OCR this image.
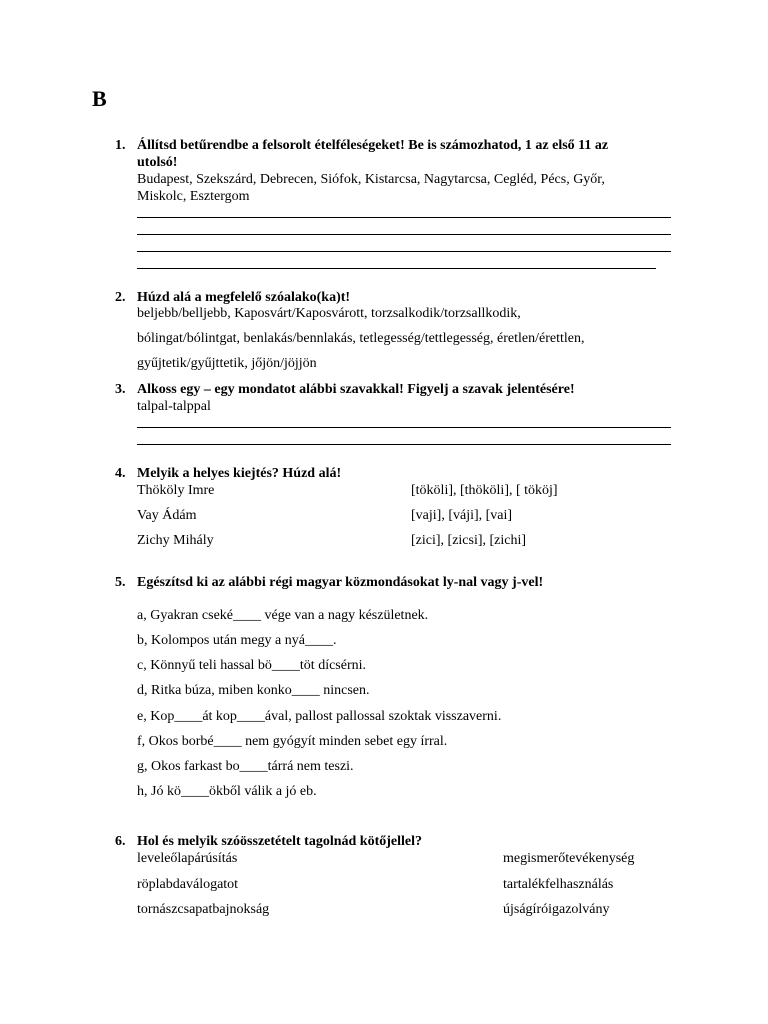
B
1. Állítsd betűrendbe a felsorolt ételféleségeket! Be is számozhatod, 1 az első 11 az
utolsó!
Budapest, Szekszárd, Debrecen, Siófok, Kistarcsa, Nagytarcsa, Cegléd, Pécs, Győr,
Miskolc, Esztergom
2. Húzd alá a megfelelő szóalako(ka)t!
beljebb/belljebb, Kaposvárt/Kaposvárott, torzsalkodik/torzsallkodik,
bólingat/bólintgat, benlakás/bennlakás, tetlegesség/tettlegesség, éretlen/érettlen,
gyűjtetik/gyűjttetik, jőjön/jöjjön
3. Alkoss egy – egy mondatot alábbi szavakkal! Figyelj a szavak jelentésére!
talpal-talppal
4. Melyik a helyes kiejtés? Húzd alá!
Thököly Imre	[tököli], [thököli], [ tököj]
Vay Ádám	[vaji], [váji], [vai]
Zichy Mihály	[zici], [zicsi], [zichi]
5. Egészítsd ki az alábbi régi magyar közmondásokat ly-nal vagy j-vel!
a, Gyakran cseké____ vége van a nagy készületnek.
b, Kolompos után megy a nyá____.
c, Könnyű teli hassal bö____töt dícsérni.
d, Ritka búza, miben konko____ nincsen.
e, Kop____át kop____ával, pallost pallossal szoktak visszaverni.
f, Okos borbé____ nem gyógyít minden sebet egy írral.
g, Okos farkast bo____tárrá nem teszi.
h, Jó kö____ökből válik a jó eb.
6. Hol és melyik szóösszetételt tagolnád kötőjellel?
leveleőlapárúsítás	megismerőtevékenység
röplabdaválogatot	tartalékfelhasználás
tornászcsapatbajnokság	újságíróigazolvány
